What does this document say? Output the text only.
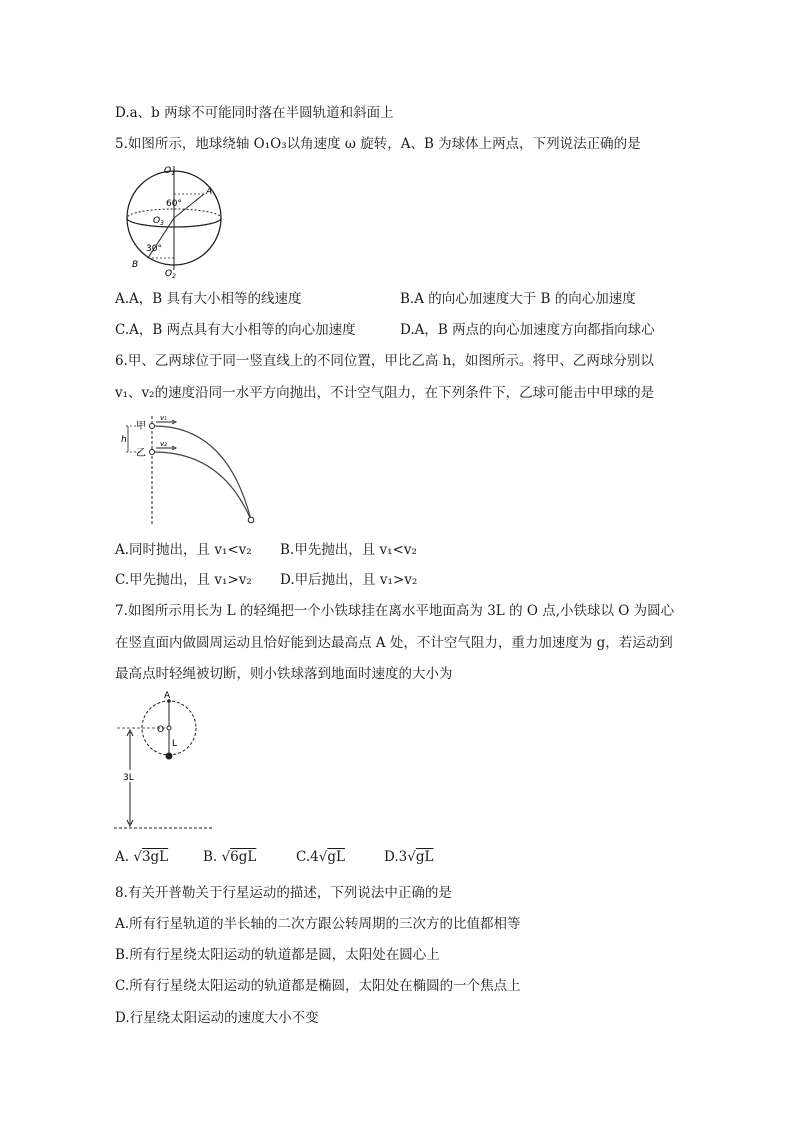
D.a、b 两球不可能同时落在半圆轨道和斜面上
5.如图所示，地球绕轴 O₁O₃以角速度 ω 旋转，A、B 为球体上两点，下列说法正确的是
$O_1$
60°
A
$O_3$
30°
B
$O_2$
A.A，B 具有大小相等的线速度	B.A 的向心加速度大于 B 的向心加速度
C.A，B 两点具有大小相等的向心加速度	D.A，B 两点的向心加速度方向都指向球心
6.甲、乙两球位于同一竖直线上的不同位置，甲比乙高 h，如图所示。将甲、乙两球分别以
v₁、v₂的速度沿同一水平方向抛出，不计空气阻力，在下列条件下，乙球可能击中甲球的是
h
甲
乙
v₁
v₂
A.同时抛出，且 v₁<v₂ B.甲先抛出，且 v₁<v₂
C.甲先抛出，且 v₁>v₂ D.甲后抛出，且 v₁>v₂
7.如图所示用长为 L 的轻绳把一个小铁球挂在离水平地面高为 3L 的 O 点,小铁球以 O 为圆心
在竖直面内做圆周运动且恰好能到达最高点 A 处，不计空气阻力，重力加速度为 g，若运动到
最高点时轻绳被切断，则小铁球落到地面时速度的大小为
A
O
L
3L
A. √3gL	B. √6gL	C.4√gL	D.3√gL
8.有关开普勒关于行星运动的描述，下列说法中正确的是
A.所有行星轨道的半长轴的二次方跟公转周期的三次方的比值都相等
B.所有行星绕太阳运动的轨道都是圆，太阳处在圆心上
C.所有行星绕太阳运动的轨道都是椭圆，太阳处在椭圆的一个焦点上
D.行星绕太阳运动的速度大小不变
